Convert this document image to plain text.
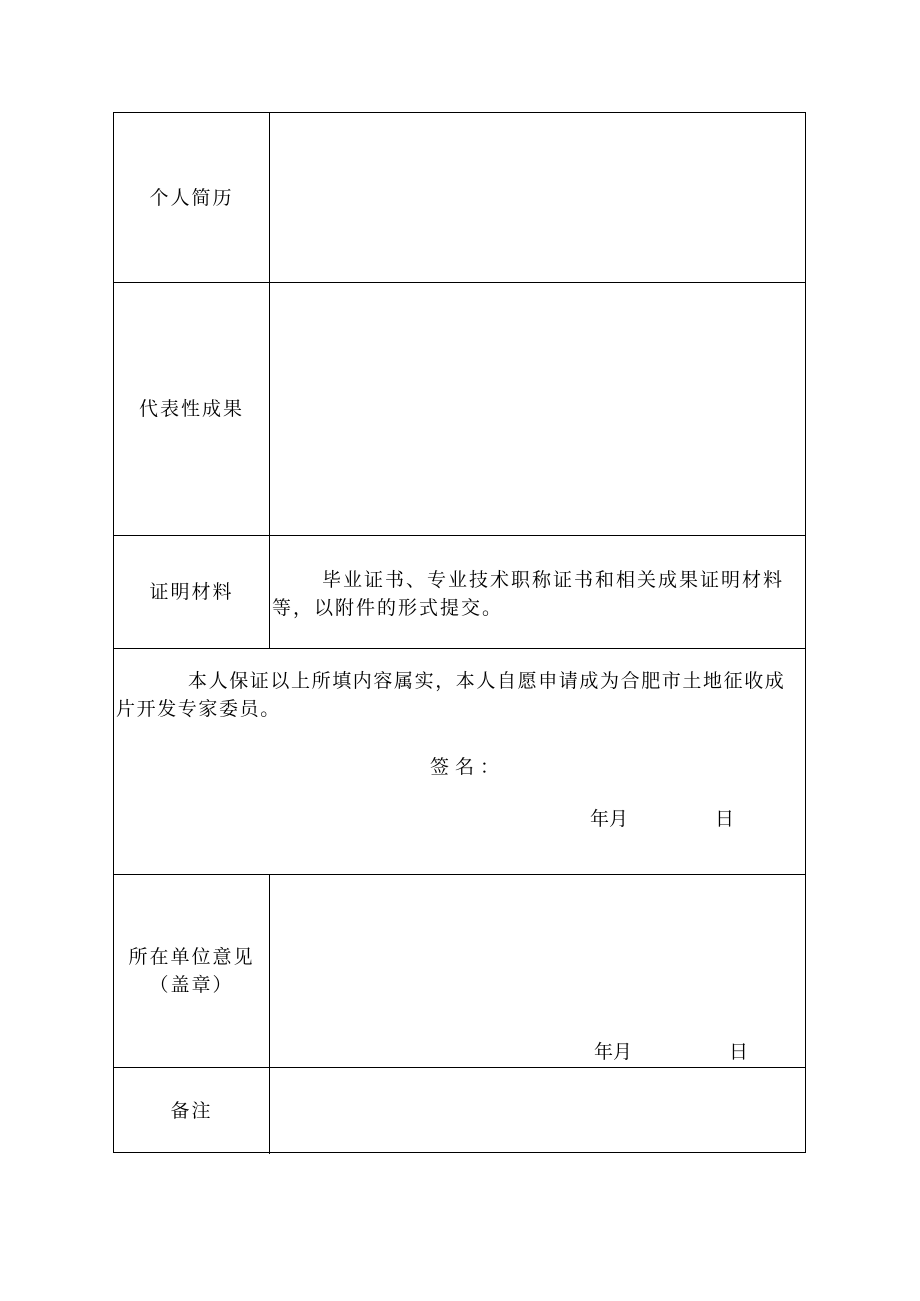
个人简历
代表性成果
证明材料
毕业证书、专业技术职称证书和相关成果证明材料等，以附件的形式提交。
本人保证以上所填内容属实，本人自愿申请成为合肥市土地征收成片开发专家委员。
签名：
年月	日
所在单位意见
（盖章）
年月	日
备注
